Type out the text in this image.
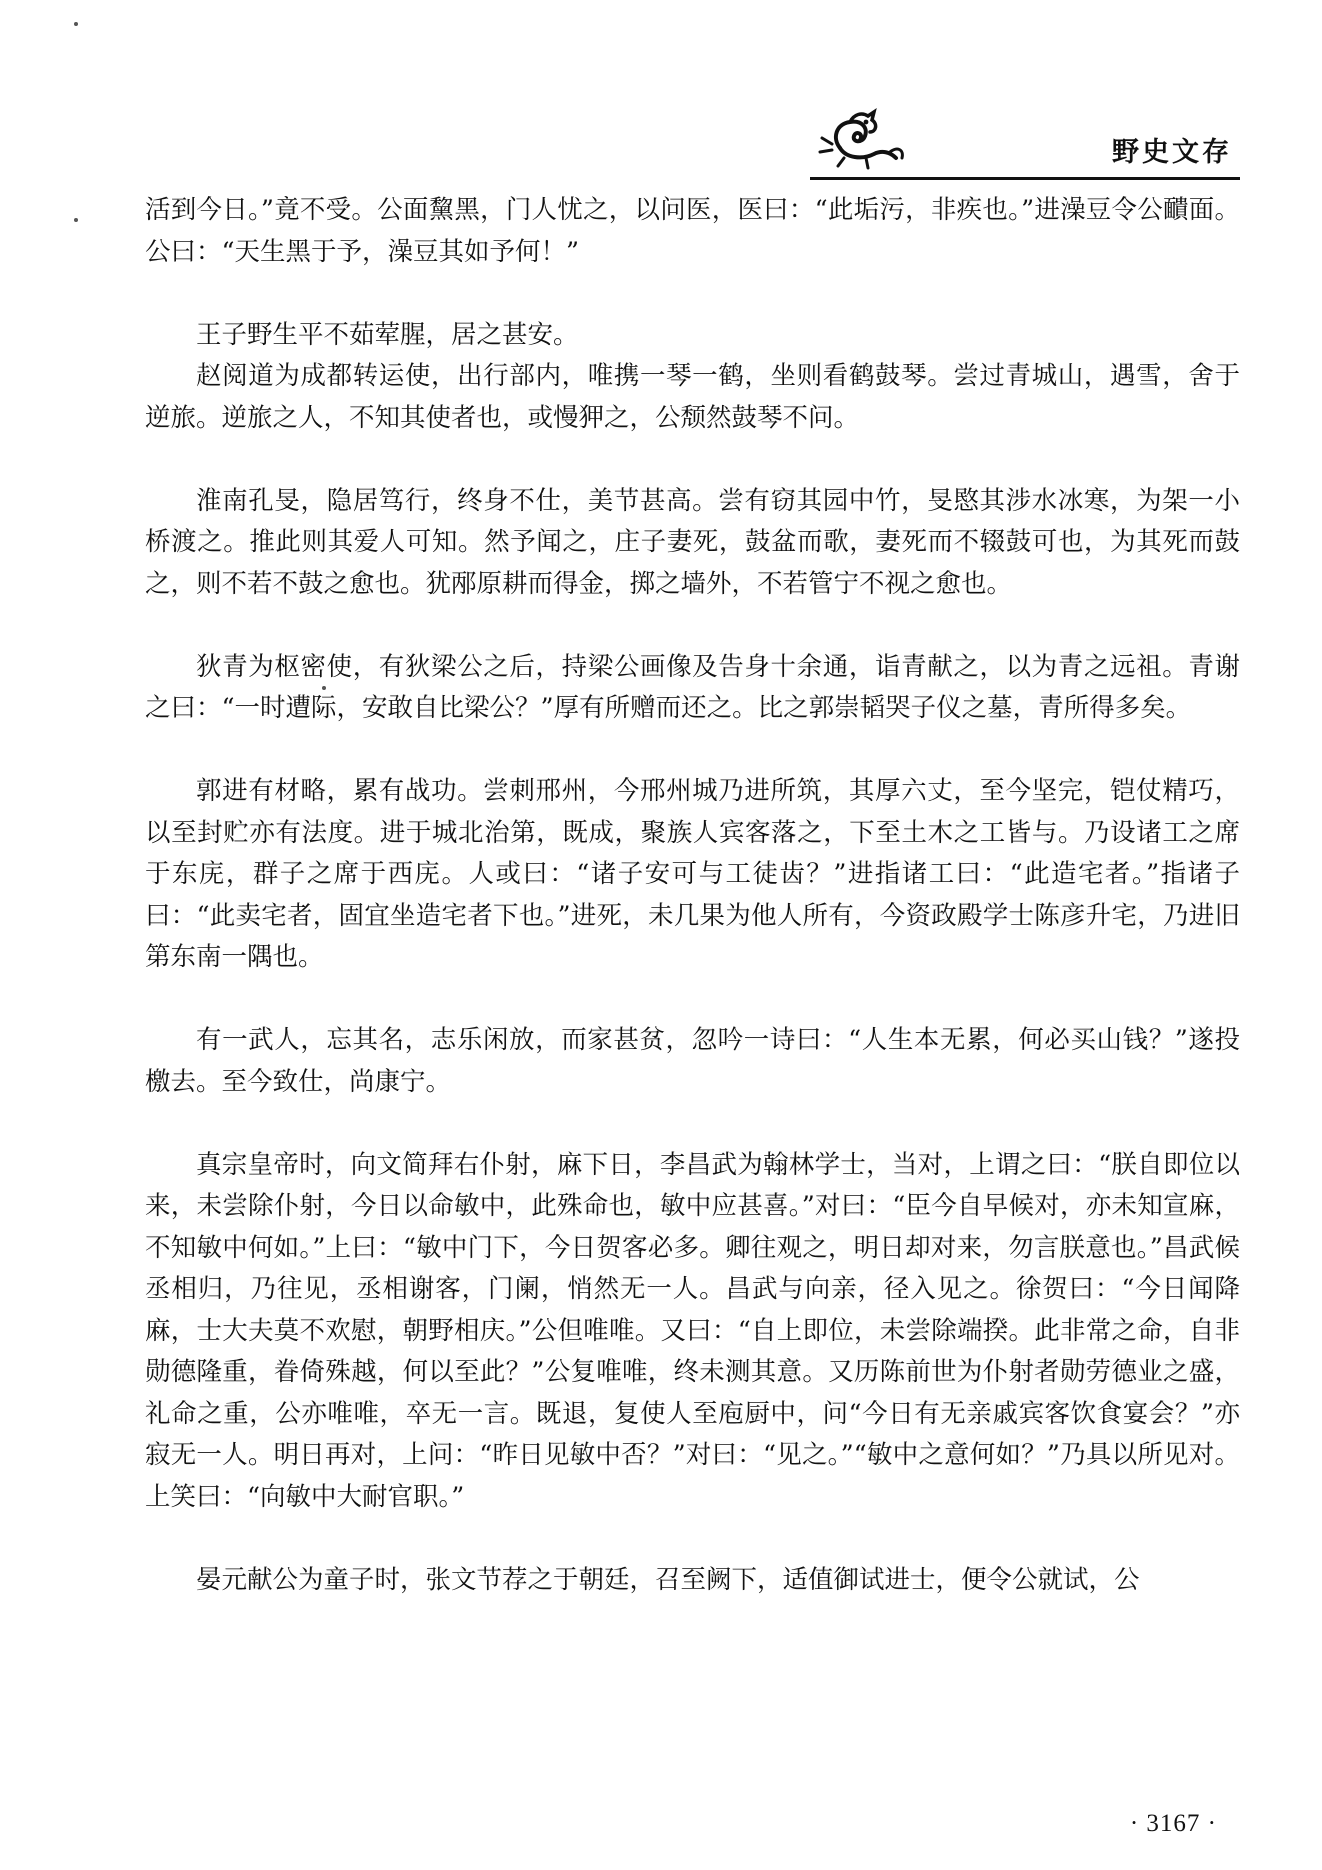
野史文存

活到今日。”竟不受。公面黧黑，门人忧之，以问医，医曰：“此垢污，非疾也。”进澡豆令公靧面。公曰：“天生黑于予，澡豆其如予何！”

王子野生平不茹荤腥，居之甚安。

赵阅道为成都转运使，出行部内，唯携一琴一鹤，坐则看鹤鼓琴。尝过青城山，遇雪，舍于逆旅。逆旅之人，不知其使者也，或慢狎之，公颓然鼓琴不问。

淮南孔旻，隐居笃行，终身不仕，美节甚高。尝有窃其园中竹，旻愍其涉水冰寒，为架一小桥渡之。推此则其爱人可知。然予闻之，庄子妻死，鼓盆而歌，妻死而不辍鼓可也，为其死而鼓之，则不若不鼓之愈也。犹邴原耕而得金，掷之墙外，不若管宁不视之愈也。

狄青为枢密使，有狄梁公之后，持梁公画像及告身十余通，诣青献之，以为青之远祖。青谢之曰：“一时遭际，安敢自比梁公？”厚有所赠而还之。比之郭崇韬哭子仪之墓，青所得多矣。

郭进有材略，累有战功。尝刺邢州，今邢州城乃进所筑，其厚六丈，至今坚完，铠仗精巧，以至封贮亦有法度。进于城北治第，既成，聚族人宾客落之，下至土木之工皆与。乃设诸工之席于东庑，群子之席于西庑。人或曰：“诸子安可与工徒齿？”进指诸工曰：“此造宅者。”指诸子曰：“此卖宅者，固宜坐造宅者下也。”进死，未几果为他人所有，今资政殿学士陈彦升宅，乃进旧第东南一隅也。

有一武人，忘其名，志乐闲放，而家甚贫，忽吟一诗曰：“人生本无累，何必买山钱？”遂投檄去。至今致仕，尚康宁。

真宗皇帝时，向文简拜右仆射，麻下日，李昌武为翰林学士，当对，上谓之曰：“朕自即位以来，未尝除仆射，今日以命敏中，此殊命也，敏中应甚喜。”对曰：“臣今自早候对，亦未知宣麻，不知敏中何如。”上曰：“敏中门下，今日贺客必多。卿往观之，明日却对来，勿言朕意也。”昌武候丞相归，乃往见，丞相谢客，门阑，悄然无一人。昌武与向亲，径入见之。徐贺曰：“今日闻降麻，士大夫莫不欢慰，朝野相庆。”公但唯唯。又曰：“自上即位，未尝除端揆。此非常之命，自非勋德隆重，眷倚殊越，何以至此？”公复唯唯，终未测其意。又历陈前世为仆射者勋劳德业之盛，礼命之重，公亦唯唯，卒无一言。既退，复使人至庖厨中，问“今日有无亲戚宾客饮食宴会？”亦寂无一人。明日再对，上问：“昨日见敏中否？”对曰：“见之。”“敏中之意何如？”乃具以所见对。上笑曰：“向敏中大耐官职。”

晏元献公为童子时，张文节荐之于朝廷，召至阙下，适值御试进士，便令公就试，公

· 3167 ·
